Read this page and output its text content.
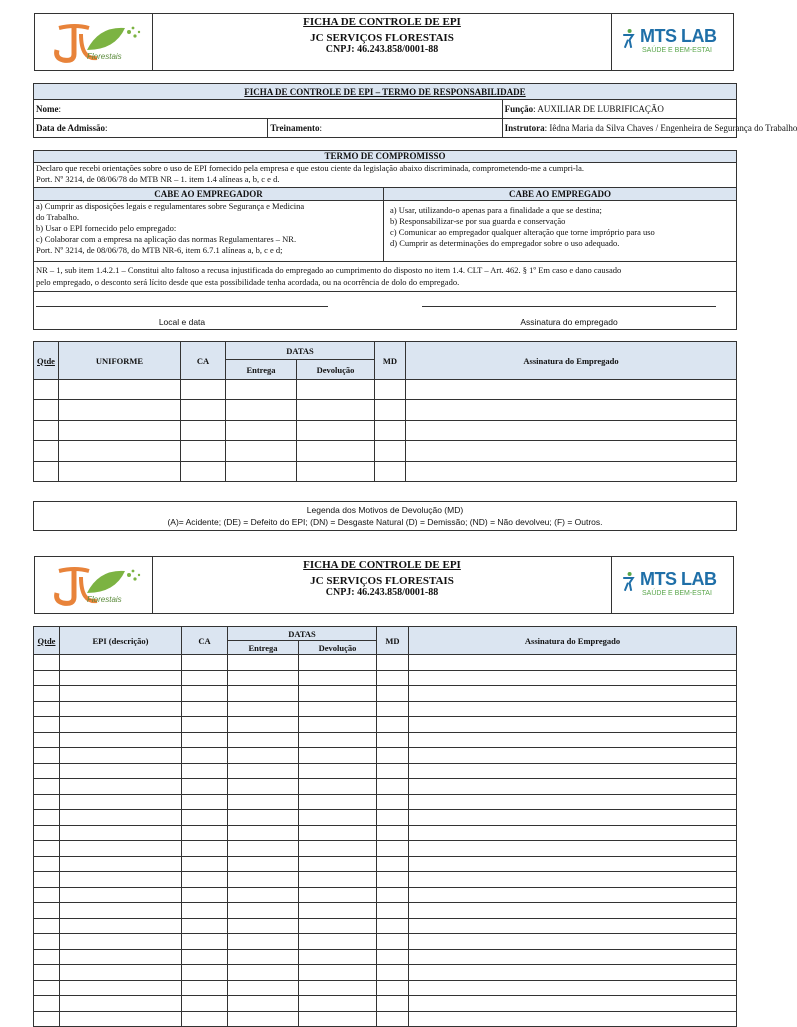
Florestais
FICHA DE CONTROLE DE EPI
JC SERVIÇOS FLORESTAIS
CNPJ: 46.243.858/0001-88
MTS LAB
SAÚDE E BEM-ESTAI
FICHA DE CONTROLE DE EPI – TERMO DE RESPONSABILIDADE		
Nome:		Função: AUXILIAR DE LUBRIFICAÇÃO
Data de Admissão:	Treinamento:	Instrutora: Iêdna Maria da Silva Chaves / Engenheira de Segurança do Trabalho
TERMO DE COMPROMISSO
Declaro que recebi orientações sobre o uso de EPI fornecido pela empresa e que estou ciente da legislação abaixo discriminada, comprometendo-me a cumpri-la.
Port. Nº 3214, de 08/06/78 do MTB NR – 1. item 1.4 alíneas a, b, c e d.
CABE AO EMPREGADOR
a) Cumprir as disposições legais e regulamentares sobre Segurança e Medicina
do Trabalho.
b) Usar o EPI fornecido pelo empregado:
c) Colaborar com a empresa na aplicação das normas Regulamentares – NR.
Port. Nº 3214, de 08/06/78, do MTB NR-6, item 6.7.1 alíneas a, b, c e d;
CABE AO EMPREGADO
a) Usar, utilizando-o apenas para a finalidade a que se destina;
b) Responsabilizar-se por sua guarda e conservação
c) Comunicar ao empregador qualquer alteração que torne impróprio para uso
d) Cumprir as determinações do empregador sobre o uso adequado.
NR – 1, sub item 1.4.2.1 – Constitui alto faltoso a recusa injustificada do empregado ao cumprimento do disposto no item 1.4. CLT – Art. 462. § 1º Em caso e dano causado
pelo empregado, o desconto será lícito desde que esta possibilidade tenha acordada, ou na ocorrência de dolo do empregado.
Local e data	Assinatura do empregado
Qtde	UNIFORME	CA	DATAS		MD	Assinatura do Empregado
			Entrega	Devolução		

Legenda dos Motivos de Devolução (MD)
(A)= Acidente; (DE) = Defeito do EPI; (DN) = Desgaste Natural (D) = Demissão; (ND) = Não devolveu; (F) = Outros.
Florestais
FICHA DE CONTROLE DE EPI
JC SERVIÇOS FLORESTAIS
CNPJ: 46.243.858/0001-88
MTS LAB
SAÚDE E BEM-ESTAI
Qtde	EPI (descrição)	CA	DATAS		MD	Assinatura do Empregado
			Entrega	Devolução		
